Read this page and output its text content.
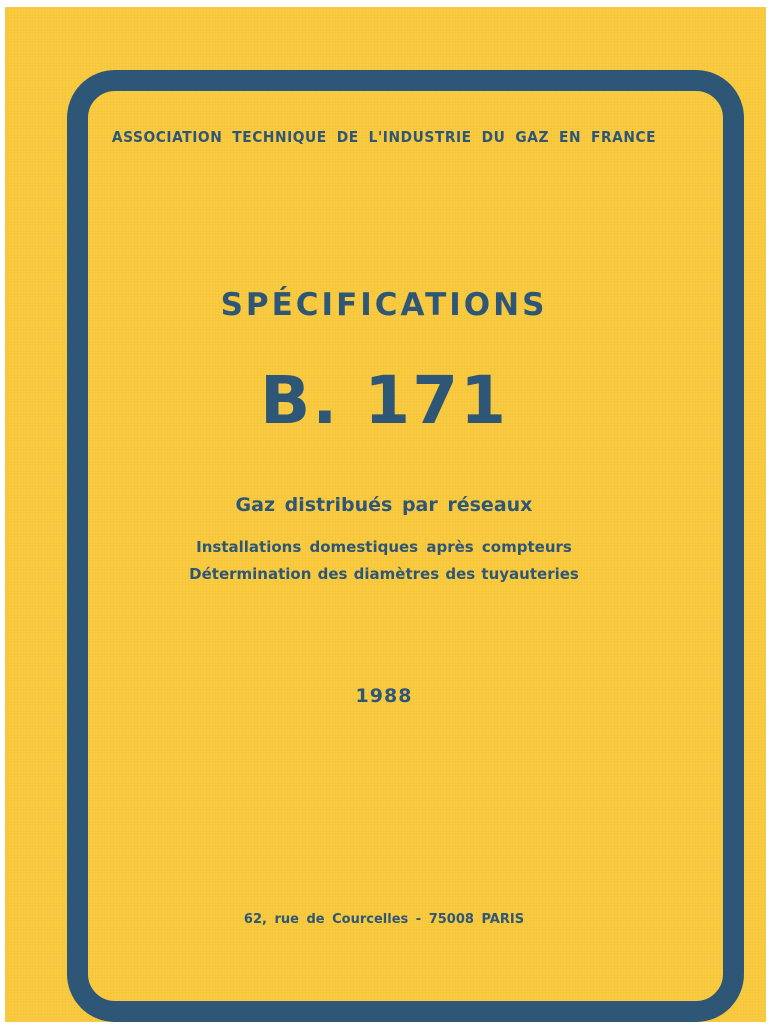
ASSOCIATION TECHNIQUE DE L'INDUSTRIE DU GAZ EN FRANCE
SPÉCIFICATIONS
B. 171
Gaz distribués par réseaux
Installations domestiques après compteurs
Détermination des diamètres des tuyauteries
1988
62, rue de Courcelles - 75008 PARIS
